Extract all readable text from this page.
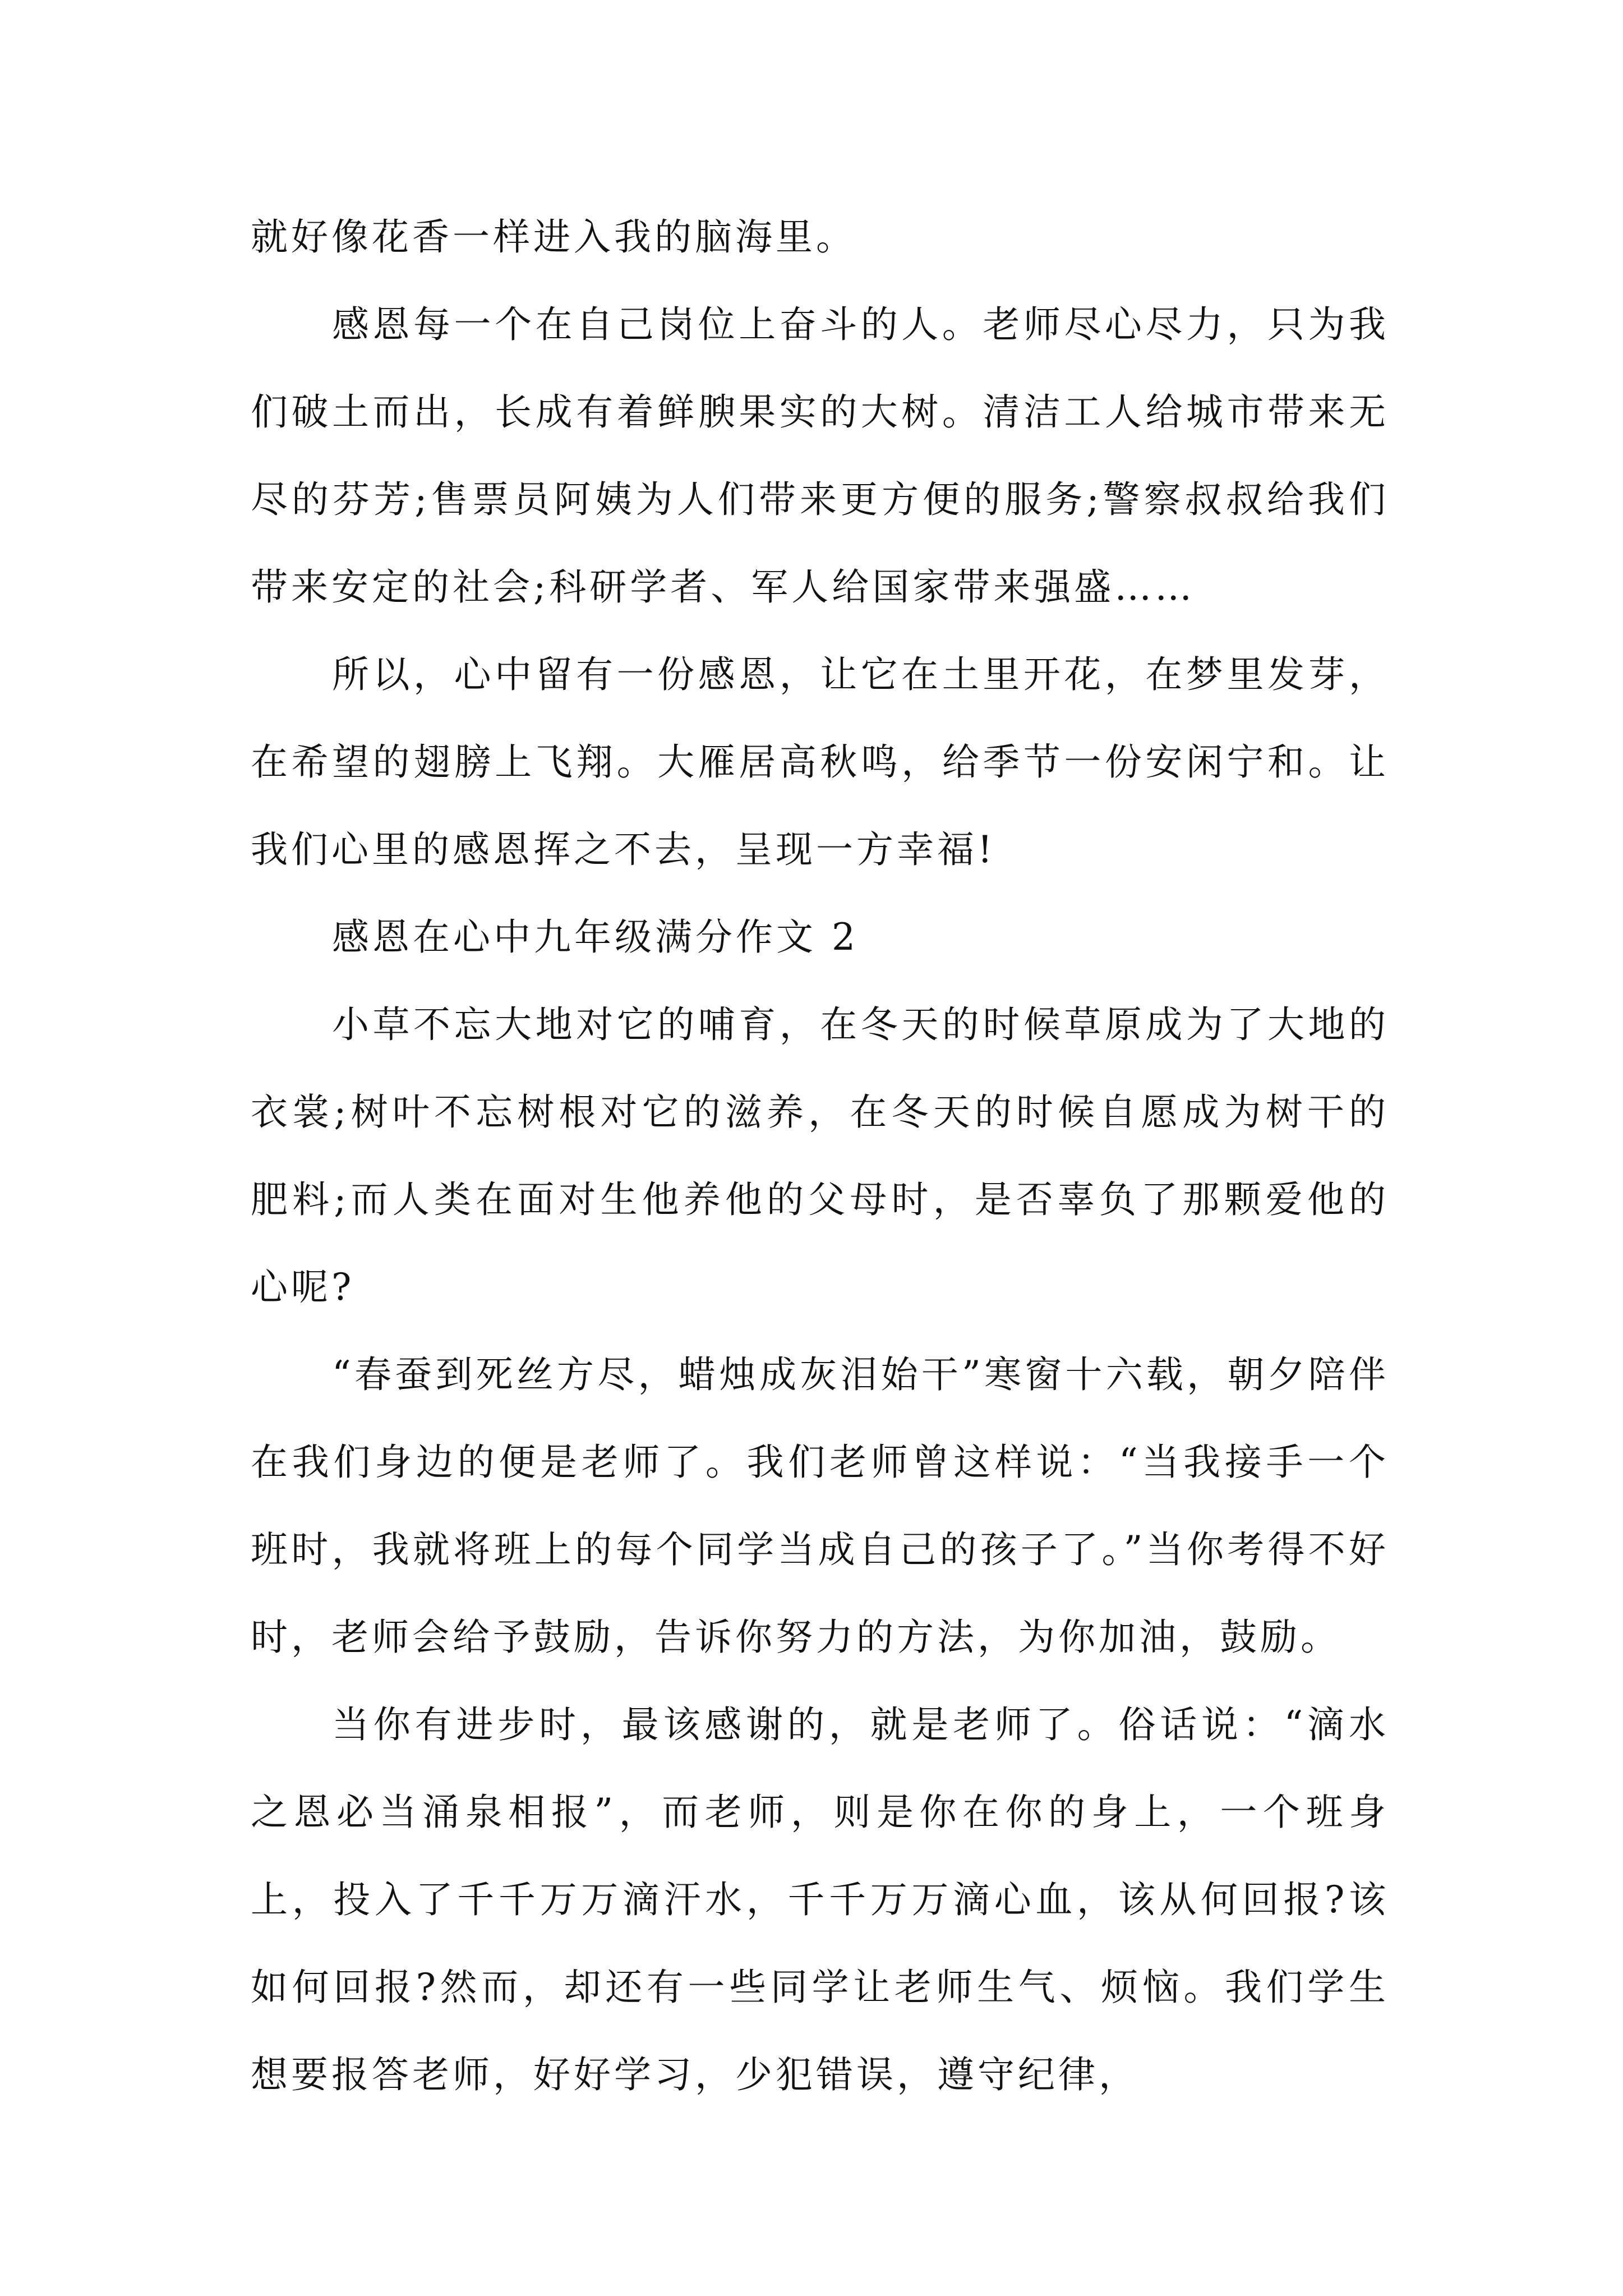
就好像花香一样进入我的脑海里。

感恩每一个在自己岗位上奋斗的人。老师尽心尽力，只为我们破土而出，长成有着鲜腴果实的大树。清洁工人给城市带来无尽的芬芳;售票员阿姨为人们带来更方便的服务;警察叔叔给我们带来安定的社会;科研学者、军人给国家带来强盛……

所以，心中留有一份感恩，让它在土里开花，在梦里发芽，在希望的翅膀上飞翔。大雁居高秋鸣，给季节一份安闲宁和。让我们心里的感恩挥之不去，呈现一方幸福!

感恩在心中九年级满分作文 2

小草不忘大地对它的哺育，在冬天的时候草原成为了大地的衣裳;树叶不忘树根对它的滋养，在冬天的时候自愿成为树干的肥料;而人类在面对生他养他的父母时，是否辜负了那颗爱他的心呢?

“春蚕到死丝方尽，蜡烛成灰泪始干”寒窗十六载，朝夕陪伴在我们身边的便是老师了。我们老师曾这样说：“当我接手一个班时，我就将班上的每个同学当成自己的孩子了。”当你考得不好时，老师会给予鼓励，告诉你努力的方法，为你加油，鼓励。

当你有进步时，最该感谢的，就是老师了。俗话说：“滴水之恩必当涌泉相报”，而老师，则是你在你的身上，一个班身上，投入了千千万万滴汗水，千千万万滴心血，该从何回报?该如何回报?然而，却还有一些同学让老师生气、烦恼。我们学生想要报答老师，好好学习，少犯错误，遵守纪律，
